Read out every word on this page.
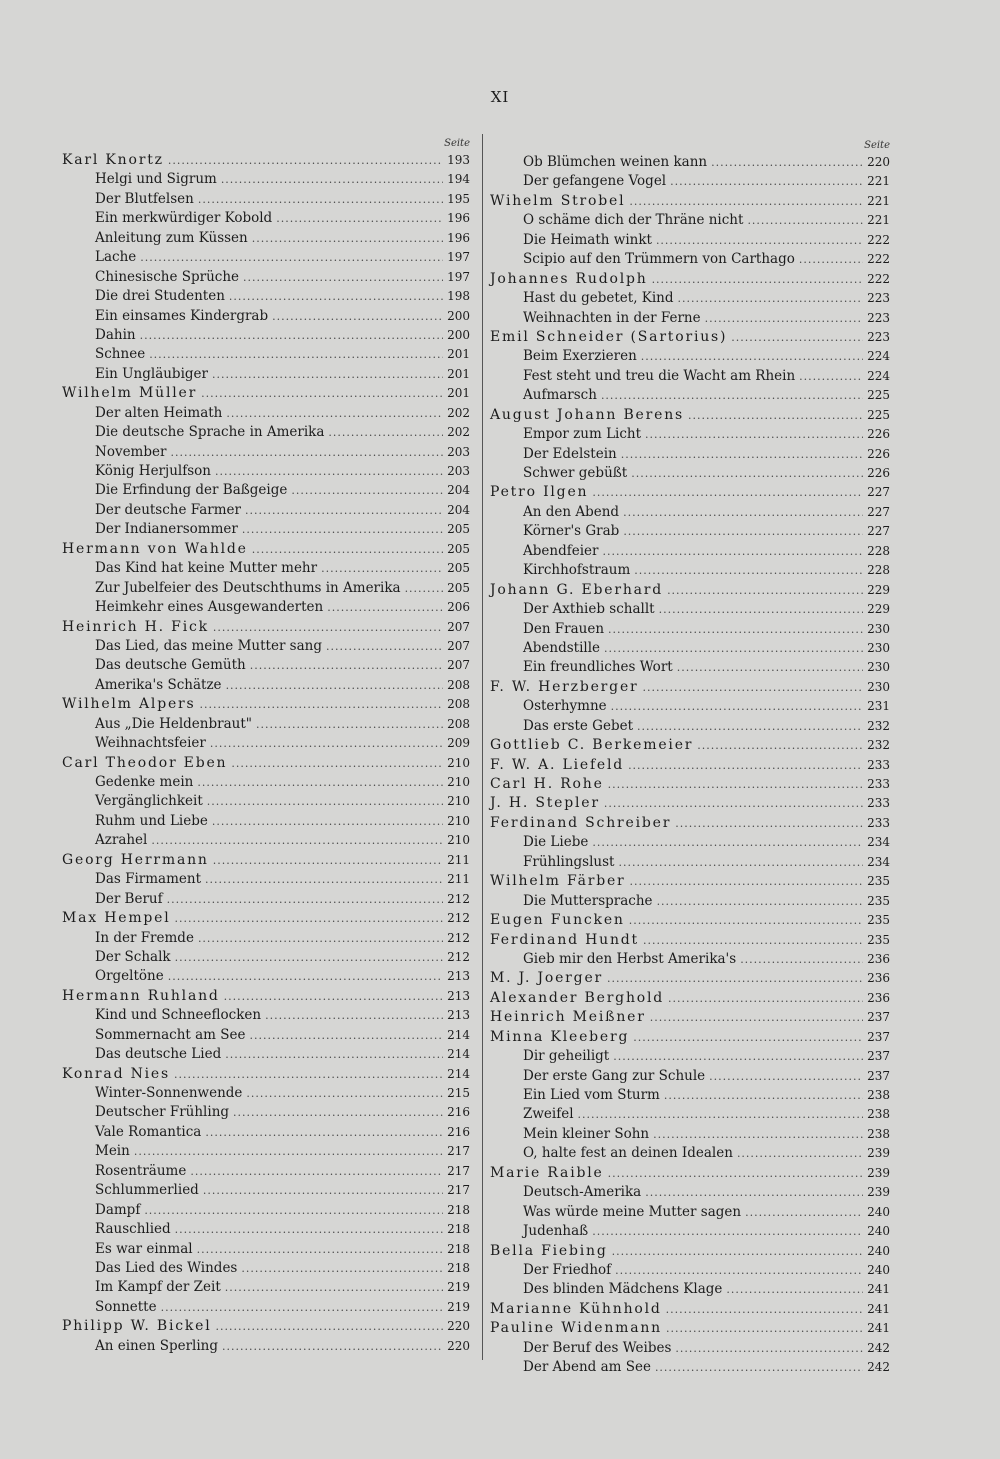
XI
Seite
Karl Knortz .....	193
Helgi und Sigrum .....	194
Der Blutfelsen .....	195
Ein merkwürdiger Kobold .....	196
Anleitung zum Küssen .....	196
Lache .....	197
Chinesische Sprüche .....	197
Die drei Studenten .....	198
Ein einsames Kindergrab .....	200
Dahin .....	200
Schnee .....	201
Ein Ungläubiger .....	201
Wilhelm Müller .....	201
Der alten Heimath .....	202
Die deutsche Sprache in Amerika .....	202
November .....	203
König Herjulfson .....	203
Die Erfindung der Baßgeige .....	204
Der deutsche Farmer .....	204
Der Indianersommer .....	205
Hermann von Wahlde .....	205
Das Kind hat keine Mutter mehr .....	205
Zur Jubelfeier des Deutschthums in Amerika .....	205
Heimkehr eines Ausgewanderten .....	206
Heinrich H. Fick .....	207
Das Lied, das meine Mutter sang .....	207
Das deutsche Gemüth .....	207
Amerika's Schätze .....	208
Wilhelm Alpers .....	208
Aus „Die Heldenbraut" .....	208
Weihnachtsfeier .....	209
Carl Theodor Eben .....	210
Gedenke mein .....	210
Vergänglichkeit .....	210
Ruhm und Liebe .....	210
Azrahel .....	210
Georg Herrmann .....	211
Das Firmament .....	211
Der Beruf .....	212
Max Hempel .....	212
In der Fremde .....	212
Der Schalk .....	212
Orgeltöne .....	213
Hermann Ruhland .....	213
Kind und Schneeflocken .....	213
Sommernacht am See .....	214
Das deutsche Lied .....	214
Konrad Nies .....	214
Winter-Sonnenwende .....	215
Deutscher Frühling .....	216
Vale Romantica .....	216
Mein .....	217
Rosenträume .....	217
Schlummerlied .....	217
Dampf .....	218
Rauschlied .....	218
Es war einmal .....	218
Das Lied des Windes .....	218
Im Kampf der Zeit .....	219
Sonnette .....	219
Philipp W. Bickel .....	220
An einen Sperling .....	220
Seite
Ob Blümchen weinen kann .....	220
Der gefangene Vogel .....	221
Wihelm Strobel .....	221
O schäme dich der Thräne nicht .....	221
Die Heimath winkt .....	222
Scipio auf den Trümmern von Carthago .....	222
Johannes Rudolph .....	222
Hast du gebetet, Kind .....	223
Weihnachten in der Ferne .....	223
Emil Schneider (Sartorius) .....	223
Beim Exerzieren .....	224
Fest steht und treu die Wacht am Rhein .....	224
Aufmarsch .....	225
August Johann Berens .....	225
Empor zum Licht .....	226
Der Edelstein .....	226
Schwer gebüßt .....	226
Petro Ilgen .....	227
An den Abend .....	227
Körner's Grab .....	227
Abendfeier .....	228
Kirchhofstraum .....	228
Johann G. Eberhard .....	229
Der Axthieb schallt .....	229
Den Frauen .....	230
Abendstille .....	230
Ein freundliches Wort .....	230
F. W. Herzberger .....	230
Osterhymne .....	231
Das erste Gebet .....	232
Gottlieb C. Berkemeier .....	232
F. W. A. Liefeld .....	233
Carl H. Rohe .....	233
J. H. Stepler .....	233
Ferdinand Schreiber .....	233
Die Liebe .....	234
Frühlingslust .....	234
Wilhelm Färber .....	235
Die Muttersprache .....	235
Eugen Funcken .....	235
Ferdinand Hundt .....	235
Gieb mir den Herbst Amerika's .....	236
M. J. Joerger .....	236
Alexander Berghold .....	236
Heinrich Meißner .....	237
Minna Kleeberg .....	237
Dir geheiligt .....	237
Der erste Gang zur Schule .....	237
Ein Lied vom Sturm .....	238
Zweifel .....	238
Mein kleiner Sohn .....	238
O, halte fest an deinen Idealen .....	239
Marie Raible .....	239
Deutsch-Amerika .....	239
Was würde meine Mutter sagen .....	240
Judenhaß .....	240
Bella Fiebing .....	240
Der Friedhof .....	240
Des blinden Mädchens Klage .....	241
Marianne Kühnhold .....	241
Pauline Widenmann .....	241
Der Beruf des Weibes .....	242
Der Abend am See .....	242
